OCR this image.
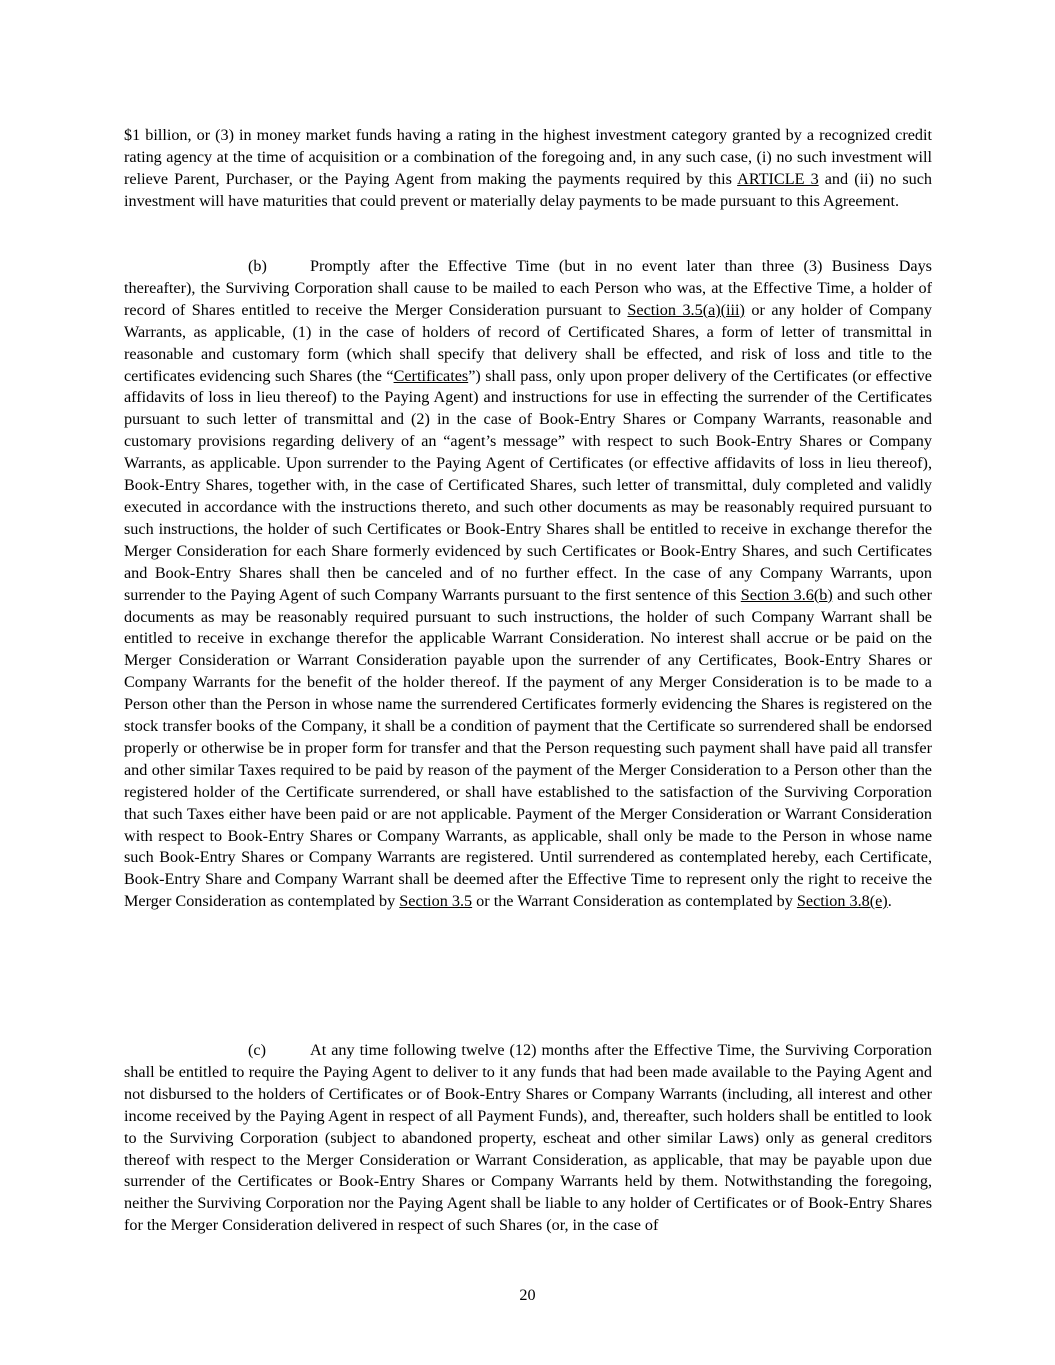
$1 billion, or (3) in money market funds having a rating in the highest investment category granted by a recognized credit rating agency at the time of acquisition or a combination of the foregoing and, in any such case, (i) no such investment will relieve Parent, Purchaser, or the Paying Agent from making the payments required by this ARTICLE 3 and (ii) no such investment will have maturities that could prevent or materially delay payments to be made pursuant to this Agreement.

(b)	Promptly after the Effective Time (but in no event later than three (3) Business Days thereafter), the Surviving Corporation shall cause to be mailed to each Person who was, at the Effective Time, a holder of record of Shares entitled to receive the Merger Consideration pursuant to Section 3.5(a)(iii) or any holder of Company Warrants, as applicable, (1) in the case of holders of record of Certificated Shares, a form of letter of transmittal in reasonable and customary form (which shall specify that delivery shall be effected, and risk of loss and title to the certificates evidencing such Shares (the “Certificates”) shall pass, only upon proper delivery of the Certificates (or effective affidavits of loss in lieu thereof) to the Paying Agent) and instructions for use in effecting the surrender of the Certificates pursuant to such letter of transmittal and (2) in the case of Book-Entry Shares or Company Warrants, reasonable and customary provisions regarding delivery of an “agent’s message” with respect to such Book-Entry Shares or Company Warrants, as applicable. Upon surrender to the Paying Agent of Certificates (or effective affidavits of loss in lieu thereof), Book-Entry Shares, together with, in the case of Certificated Shares, such letter of transmittal, duly completed and validly executed in accordance with the instructions thereto, and such other documents as may be reasonably required pursuant to such instructions, the holder of such Certificates or Book-Entry Shares shall be entitled to receive in exchange therefor the Merger Consideration for each Share formerly evidenced by such Certificates or Book-Entry Shares, and such Certificates and Book-Entry Shares shall then be canceled and of no further effect. In the case of any Company Warrants, upon surrender to the Paying Agent of such Company Warrants pursuant to the first sentence of this Section 3.6(b) and such other documents as may be reasonably required pursuant to such instructions, the holder of such Company Warrant shall be entitled to receive in exchange therefor the applicable Warrant Consideration. No interest shall accrue or be paid on the Merger Consideration or Warrant Consideration payable upon the surrender of any Certificates, Book-Entry Shares or Company Warrants for the benefit of the holder thereof. If the payment of any Merger Consideration is to be made to a Person other than the Person in whose name the surrendered Certificates formerly evidencing the Shares is registered on the stock transfer books of the Company, it shall be a condition of payment that the Certificate so surrendered shall be endorsed properly or otherwise be in proper form for transfer and that the Person requesting such payment shall have paid all transfer and other similar Taxes required to be paid by reason of the payment of the Merger Consideration to a Person other than the registered holder of the Certificate surrendered, or shall have established to the satisfaction of the Surviving Corporation that such Taxes either have been paid or are not applicable. Payment of the Merger Consideration or Warrant Consideration with respect to Book-Entry Shares or Company Warrants, as applicable, shall only be made to the Person in whose name such Book-Entry Shares or Company Warrants are registered. Until surrendered as contemplated hereby, each Certificate, Book-Entry Share and Company Warrant shall be deemed after the Effective Time to represent only the right to receive the Merger Consideration as contemplated by Section 3.5 or the Warrant Consideration as contemplated by Section 3.8(e).

(c)	At any time following twelve (12) months after the Effective Time, the Surviving Corporation shall be entitled to require the Paying Agent to deliver to it any funds that had been made available to the Paying Agent and not disbursed to the holders of Certificates or of Book-Entry Shares or Company Warrants (including, all interest and other income received by the Paying Agent in respect of all Payment Funds), and, thereafter, such holders shall be entitled to look to the Surviving Corporation (subject to abandoned property, escheat and other similar Laws) only as general creditors thereof with respect to the Merger Consideration or Warrant Consideration, as applicable, that may be payable upon due surrender of the Certificates or Book-Entry Shares or Company Warrants held by them. Notwithstanding the foregoing, neither the Surviving Corporation nor the Paying Agent shall be liable to any holder of Certificates or of Book-Entry Shares for the Merger Consideration delivered in respect of such Shares (or, in the case of

20
